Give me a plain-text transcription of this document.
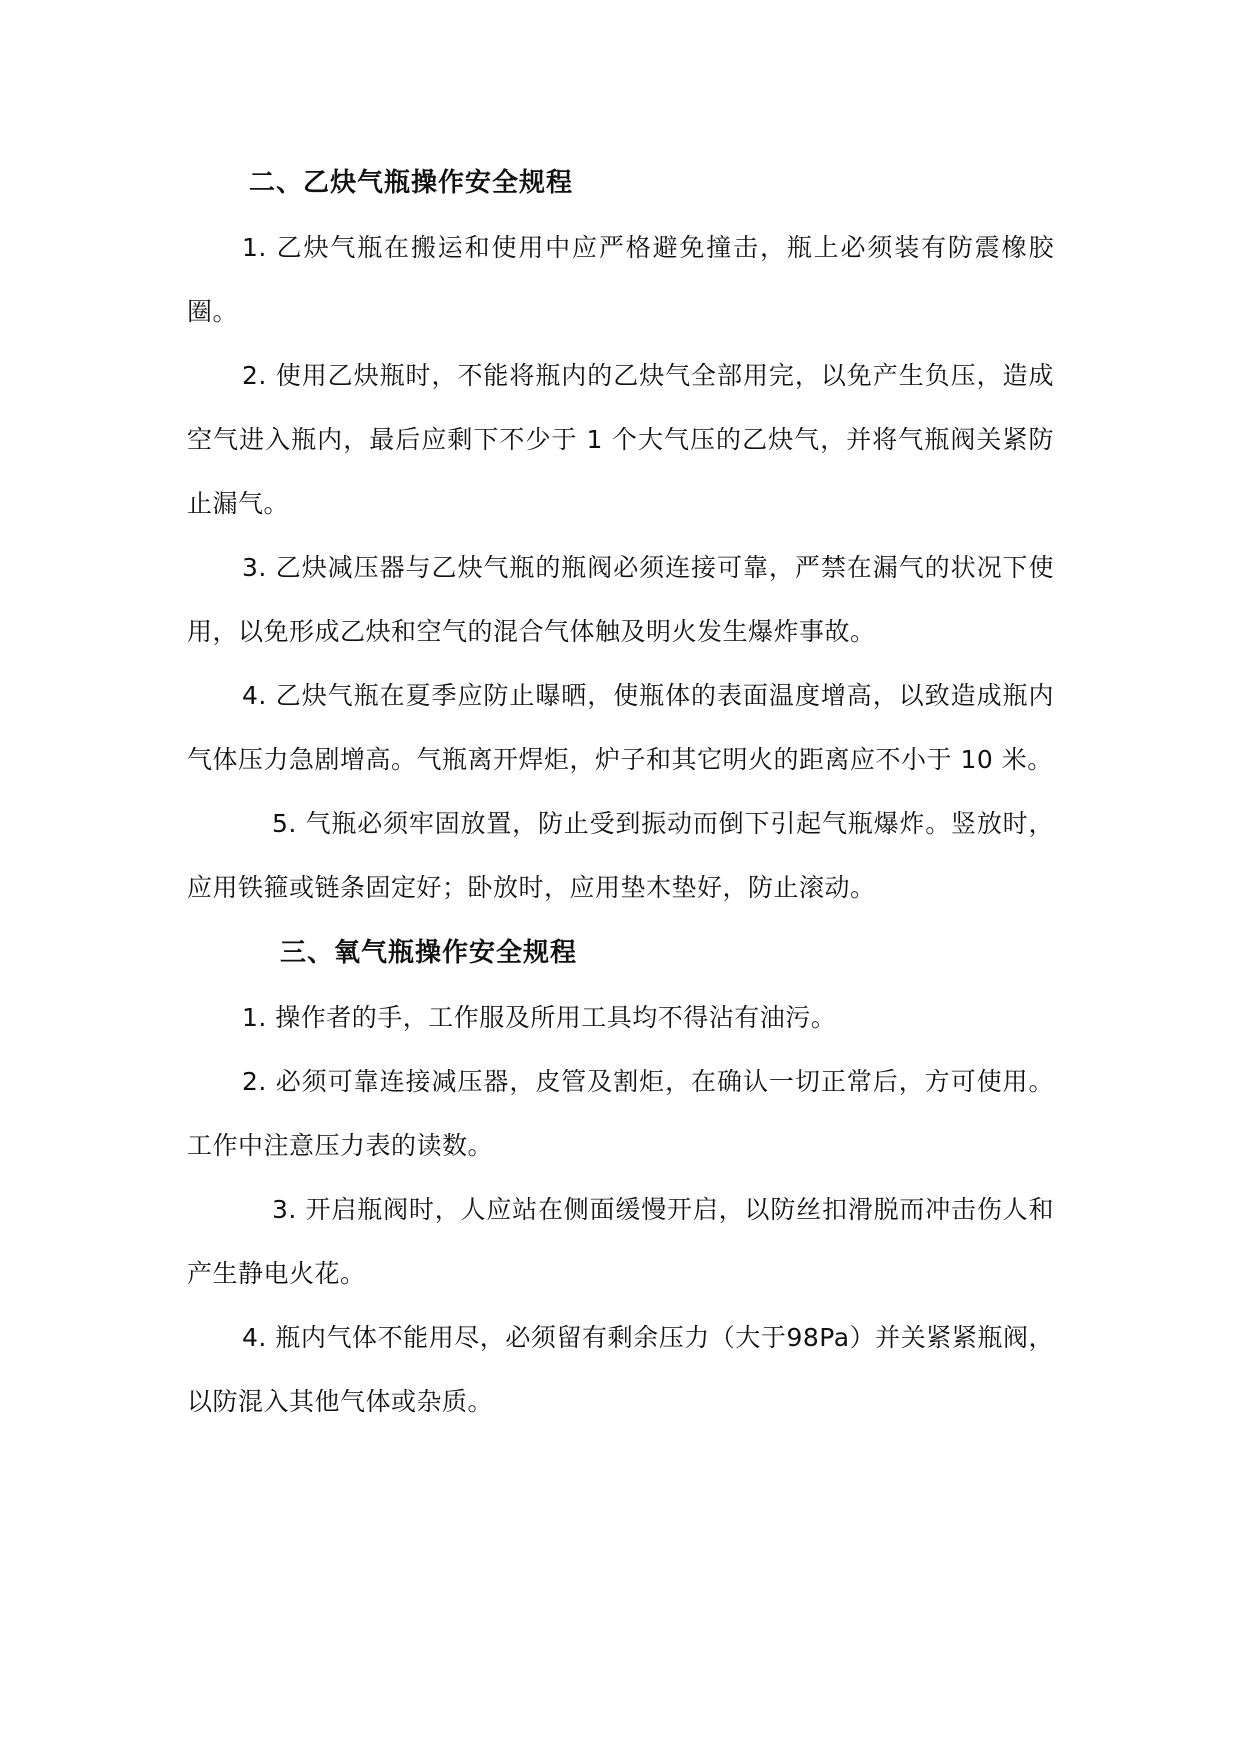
二、乙炔气瓶操作安全规程

1. 乙炔气瓶在搬运和使用中应严格避免撞击，瓶上必须装有防震橡胶圈。

2. 使用乙炔瓶时，不能将瓶内的乙炔气全部用完，以免产生负压，造成空气进入瓶内，最后应剩下不少于 1 个大气压的乙炔气，并将气瓶阀关紧防止漏气。

3. 乙炔减压器与乙炔气瓶的瓶阀必须连接可靠，严禁在漏气的状况下使用，以免形成乙炔和空气的混合气体触及明火发生爆炸事故。

4. 乙炔气瓶在夏季应防止曝晒，使瓶体的表面温度增高，以致造成瓶内气体压力急剧增高。气瓶离开焊炬，炉子和其它明火的距离应不小于 10 米。

5. 气瓶必须牢固放置，防止受到振动而倒下引起气瓶爆炸。竖放时，应用铁箍或链条固定好；卧放时，应用垫木垫好，防止滚动。

三、氧气瓶操作安全规程

1. 操作者的手，工作服及所用工具均不得沾有油污。

2. 必须可靠连接减压器，皮管及割炬，在确认一切正常后，方可使用。工作中注意压力表的读数。

3. 开启瓶阀时，人应站在侧面缓慢开启，以防丝扣滑脱而冲击伤人和产生静电火花。

4. 瓶内气体不能用尽，必须留有剩余压力（大于98Pa）并关紧紧瓶阀，以防混入其他气体或杂质。
